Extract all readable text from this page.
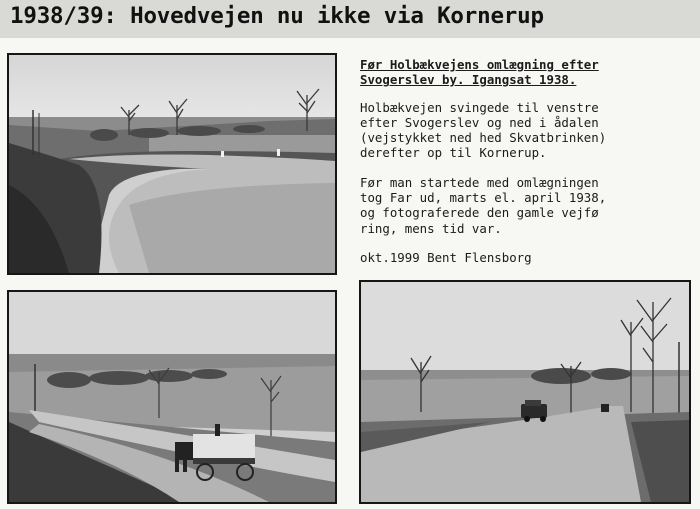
1938/39: Hovedvejen nu ikke via Kornerup

Før Holbækvejens omlægning efter

Svogerslev by. Igangsat 1938.

Holbækvejen svingede til venstre

efter Svogerslev og ned i ådalen

(vejstykket ned hed Skvatbrinken)

derefter op til Kornerup.

Før man startede med omlægningen

tog Far ud, marts el. april 1938,

og fotograferede den gamle vejfø

ring, mens tid var.

okt.1999 Bent Flensborg
